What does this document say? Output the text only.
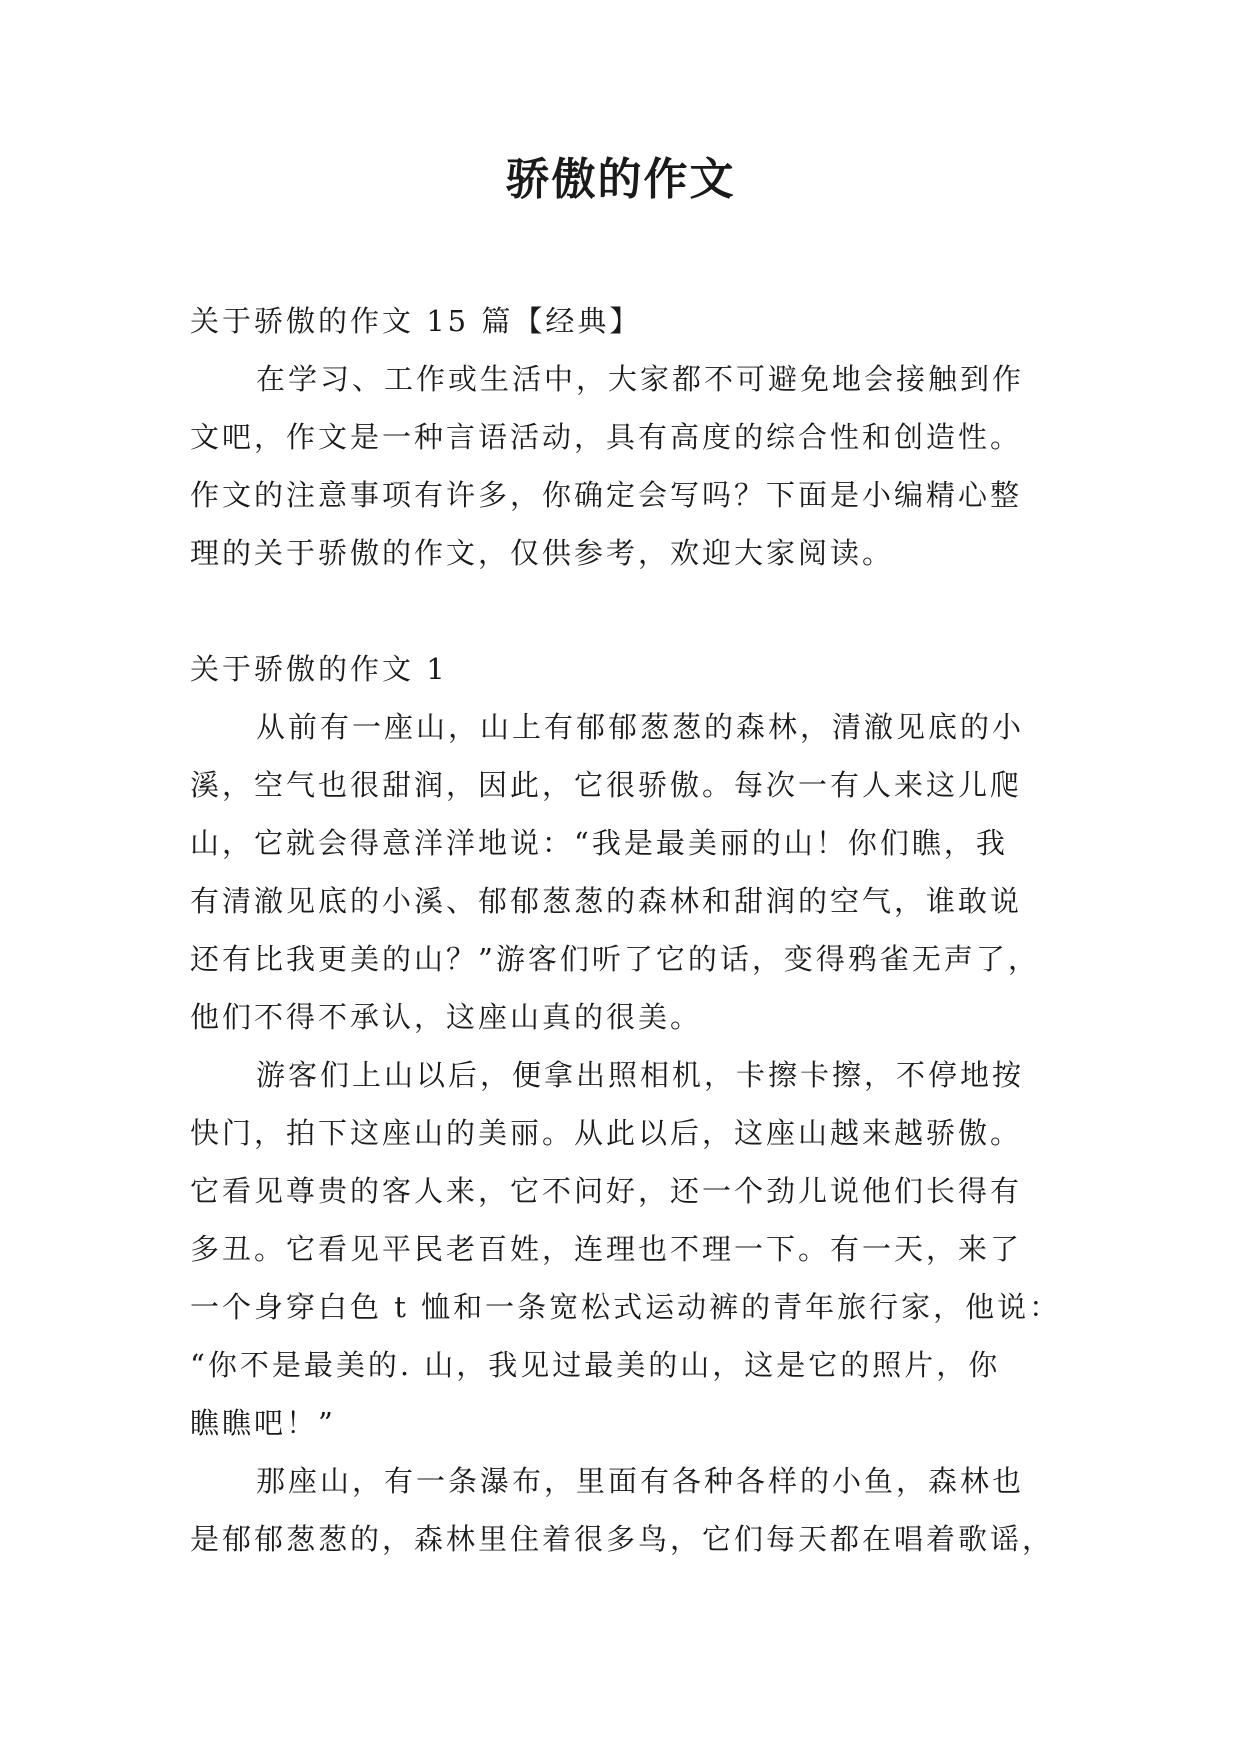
骄傲的作文

关于骄傲的作文 15 篇【经典】

在学习、工作或生活中，大家都不可避免地会接触到作

文吧，作文是一种言语活动，具有高度的综合性和创造性。

作文的注意事项有许多，你确定会写吗？下面是小编精心整

理的关于骄傲的作文，仅供参考，欢迎大家阅读。

关于骄傲的作文 1

从前有一座山，山上有郁郁葱葱的森林，清澈见底的小

溪，空气也很甜润，因此，它很骄傲。每次一有人来这儿爬

山，它就会得意洋洋地说：“我是最美丽的山！你们瞧，我

有清澈见底的小溪、郁郁葱葱的森林和甜润的空气，谁敢说

还有比我更美的山？”游客们听了它的话，变得鸦雀无声了，

他们不得不承认，这座山真的很美。

游客们上山以后，便拿出照相机，卡擦卡擦，不停地按

快门，拍下这座山的美丽。从此以后，这座山越来越骄傲。

它看见尊贵的客人来，它不问好，还一个劲儿说他们长得有

多丑。它看见平民老百姓，连理也不理一下。有一天，来了

一个身穿白色 t 恤和一条宽松式运动裤的青年旅行家，他说：

“你不是最美的. 山，我见过最美的山，这是它的照片，你

瞧瞧吧！”

那座山，有一条瀑布，里面有各种各样的小鱼，森林也

是郁郁葱葱的，森林里住着很多鸟，它们每天都在唱着歌谣，
